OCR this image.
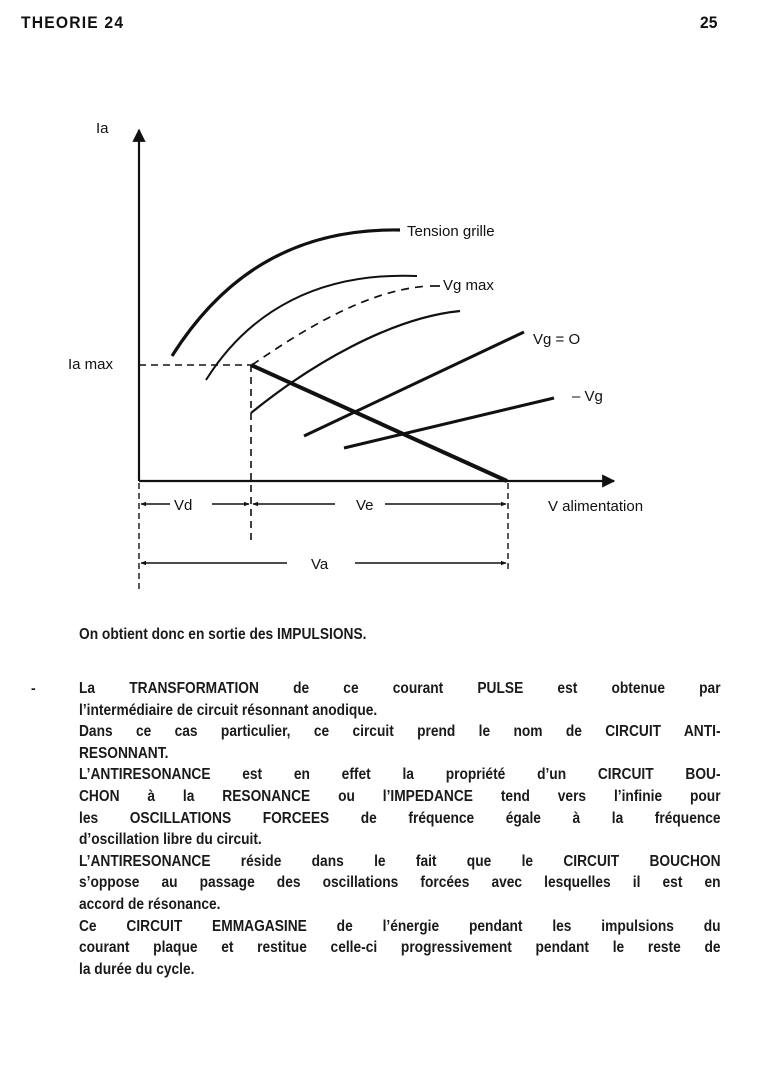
THEORIE 24	25
Ia
V alimentation
Ia max
Tension grille
Vg max
Vg = O
– Vg
Vd	Ve
Va
On obtient donc en sortie des IMPULSIONS.
-	La TRANSFORMATION de ce courant PULSE est obtenue par
l’intermédiaire de circuit résonnant anodique.
Dans ce cas particulier, ce circuit prend le nom de CIRCUIT ANTI-
RESONNANT.
L’ANTIRESONANCE est en effet la propriété d’un CIRCUIT BOU-
CHON à la RESONANCE ou l’IMPEDANCE tend vers l’infinie pour
les OSCILLATIONS FORCEES de fréquence égale à la fréquence
d’oscillation libre du circuit.
L’ANTIRESONANCE réside dans le fait que le CIRCUIT BOUCHON
s’oppose au passage des oscillations forcées avec lesquelles il est en
accord de résonance.
Ce CIRCUIT EMMAGASINE de l’énergie pendant les impulsions du
courant plaque et restitue celle-ci progressivement pendant le reste de
la durée du cycle.
